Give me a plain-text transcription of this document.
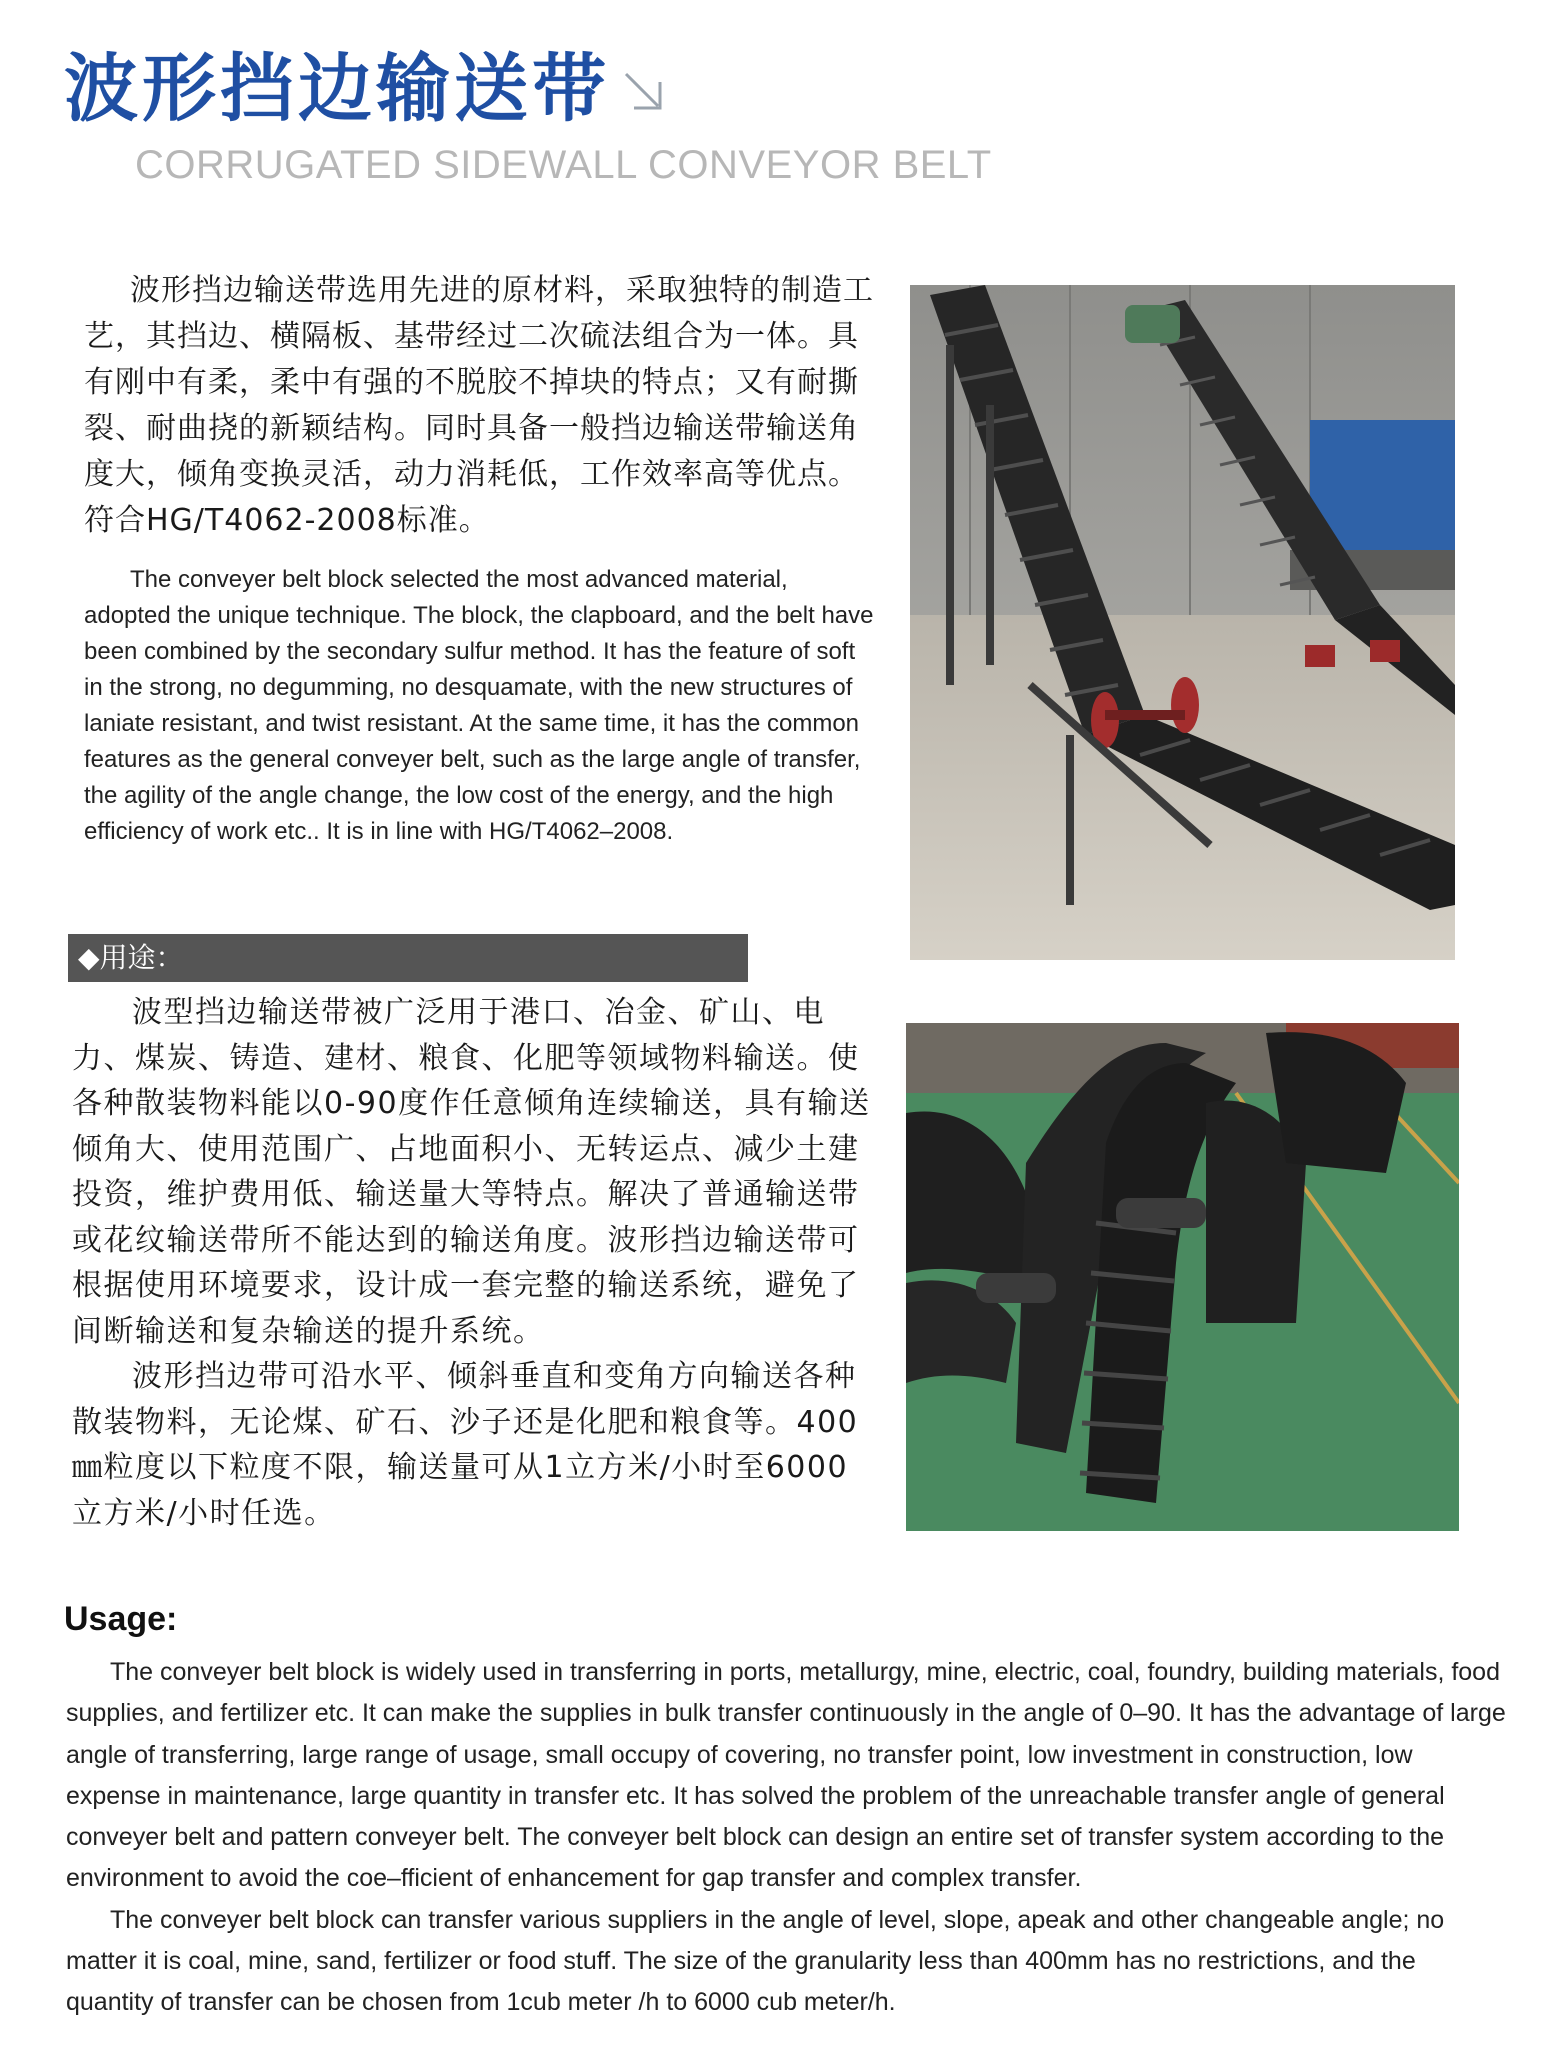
波形挡边输送带
CORRUGATED SIDEWALL CONVEYOR BELT

波形挡边输送带选用先进的原材料，采取独特的制造工艺，其挡边、横隔板、基带经过二次硫法组合为一体。具有刚中有柔，柔中有强的不脱胶不掉块的特点；又有耐撕裂、耐曲挠的新颖结构。同时具备一般挡边输送带输送角度大，倾角变换灵活，动力消耗低，工作效率高等优点。符合HG/T4062-2008标准。

The conveyer belt block selected the most advanced material, adopted the unique technique. The block, the clapboard, and the belt have been combined by the secondary sulfur method. It has the feature of soft in the strong, no degumming, no desquamate, with the new structures of laniate resistant, and twist resistant. At the same time, it has the common features as the general conveyer belt, such as the large angle of transfer, the agility of the angle change, the low cost of the energy, and the high efficiency of work etc.. It is in line with HG/T4062–2008.

◆用途：

波型挡边输送带被广泛用于港口、冶金、矿山、电力、煤炭、铸造、建材、粮食、化肥等领域物料输送。使各种散装物料能以0-90度作任意倾角连续输送，具有输送倾角大、使用范围广、占地面积小、无转运点、减少土建投资，维护费用低、输送量大等特点。解决了普通输送带或花纹输送带所不能达到的输送角度。波形挡边输送带可根据使用环境要求，设计成一套完整的输送系统，避免了间断输送和复杂输送的提升系统。

波形挡边带可沿水平、倾斜垂直和变角方向输送各种散装物料，无论煤、矿石、沙子还是化肥和粮食等。400㎜粒度以下粒度不限，输送量可从1立方米/小时至6000立方米/小时任选。

Usage:

The conveyer belt block is widely used in transferring in ports, metallurgy, mine, electric, coal, foundry, building materials, food supplies, and fertilizer etc. It can make the supplies in bulk transfer continuously in the angle of 0–90. It has the advantage of large angle of transferring, large range of usage, small occupy of covering, no transfer point, low investment in construction, low expense in maintenance, large quantity in transfer etc. It has solved the problem of the unreachable transfer angle of general conveyer belt and pattern conveyer belt. The conveyer belt block can design an entire set of transfer system according to the environment to avoid the coe–fficient of enhancement for gap transfer and complex transfer.

The conveyer belt block can transfer various suppliers in the angle of level, slope, apeak and other changeable angle; no matter it is coal, mine, sand, fertilizer or food stuff. The size of the granularity less than 400mm has no restrictions, and the quantity of transfer can be chosen from 1cub meter /h to 6000 cub meter/h.
